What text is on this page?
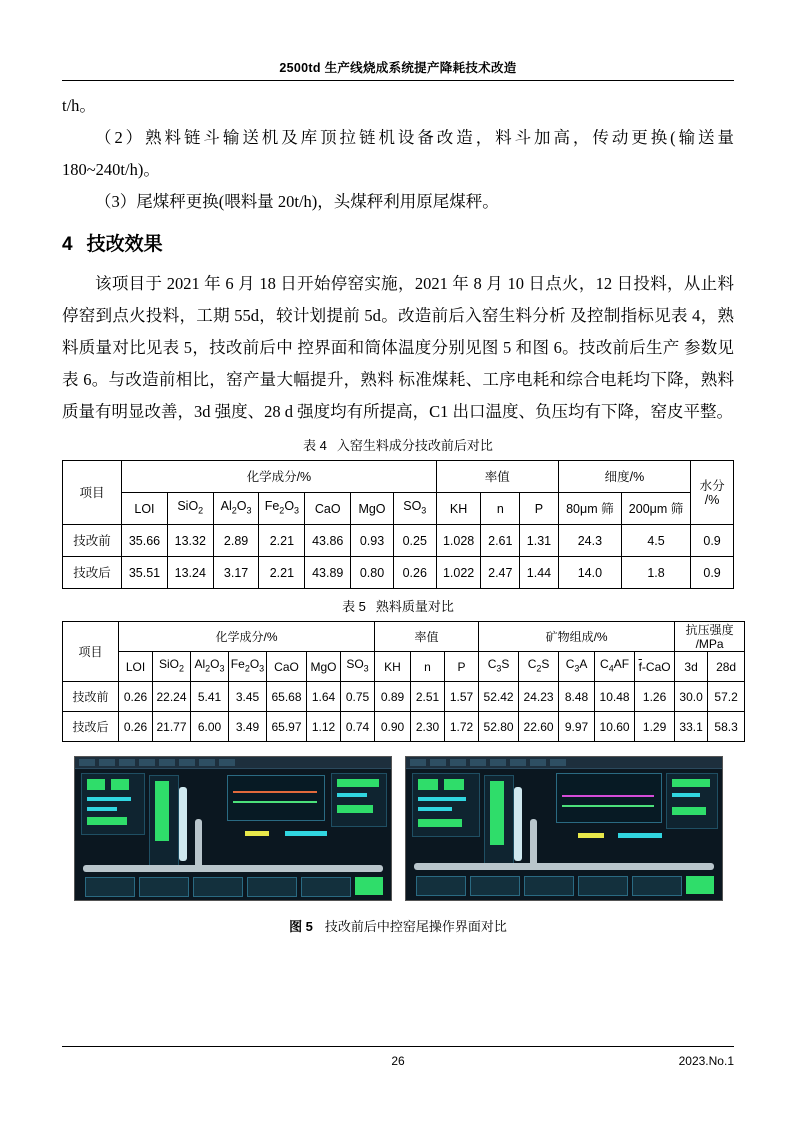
2500td 生产线烧成系统提产降耗技术改造

t/h。

（2）熟料链斗输送机及库顶拉链机设备改造，料斗加高，传动更换(输送量 180~240t/h)。

（3）尾煤秤更换(喂料量 20t/h)，头煤秤利用原尾煤秤。

4 技改效果

该项目于 2021 年 6 月 18 日开始停窑实施，2021 年 8 月 10 日点火，12 日投料，从止料停窑到点火投料，工期 55d，较计划提前 5d。改造前后入窑生料分析 及控制指标见表 4，熟料质量对比见表 5，技改前后中 控界面和筒体温度分别见图 5 和图 6。技改前后生产 参数见表 6。与改造前相比，窑产量大幅提升，熟料 标准煤耗、工序电耗和综合电耗均下降，熟料质量有明显改善，3d 强度、28 d 强度均有所提高，C1 出口温度、负压均有下降，窑皮平整。

表 4 入窑生料成分技改前后对比
项目	化学成分/%							率值			细度/%		水分
/%
	LOI	SiO$_2$	$Al_2O_3$	$Fe_2O_3$	CaO	MgO	$SO_3$	KH	n	P	80μm 筛	200μm 筛	
技改前	35.66	13.32	2.89	2.21	43.86	0.93	0.25	1.028	2.61	1.31	24.3	4.5	0.9
技改后	35.51	13.24	3.17	2.21	43.89	0.80	0.26	1.022	2.47	1.44	14.0	1.8	0.9
表 5 熟料质量对比
项目	化学成分/%							率值			矿物组成/%					抗压强度
/MPa	
	LOI	SiO$_2$	$Al_2O_3$	$Fe_2O_3$	CaO	MgO	$SO_3$	KH	n	P	$C_3S$	$C_2S$	$C_3A$	$C_4AF$	$\overline{f}$-CaO	3d	28d
技改前	0.26	22.24	5.41	3.45	65.68	1.64	0.75	0.89	2.51	1.57	52.42	24.23	8.48	10.48	1.26	30.0	57.2
技改后	0.26	21.77	6.00	3.49	65.97	1.12	0.74	0.90	2.30	1.72	52.80	22.60	9.97	10.60	1.29	33.1	58.3
图 5 技改前后中控窑尾操作界面对比
26	2023.No.1
